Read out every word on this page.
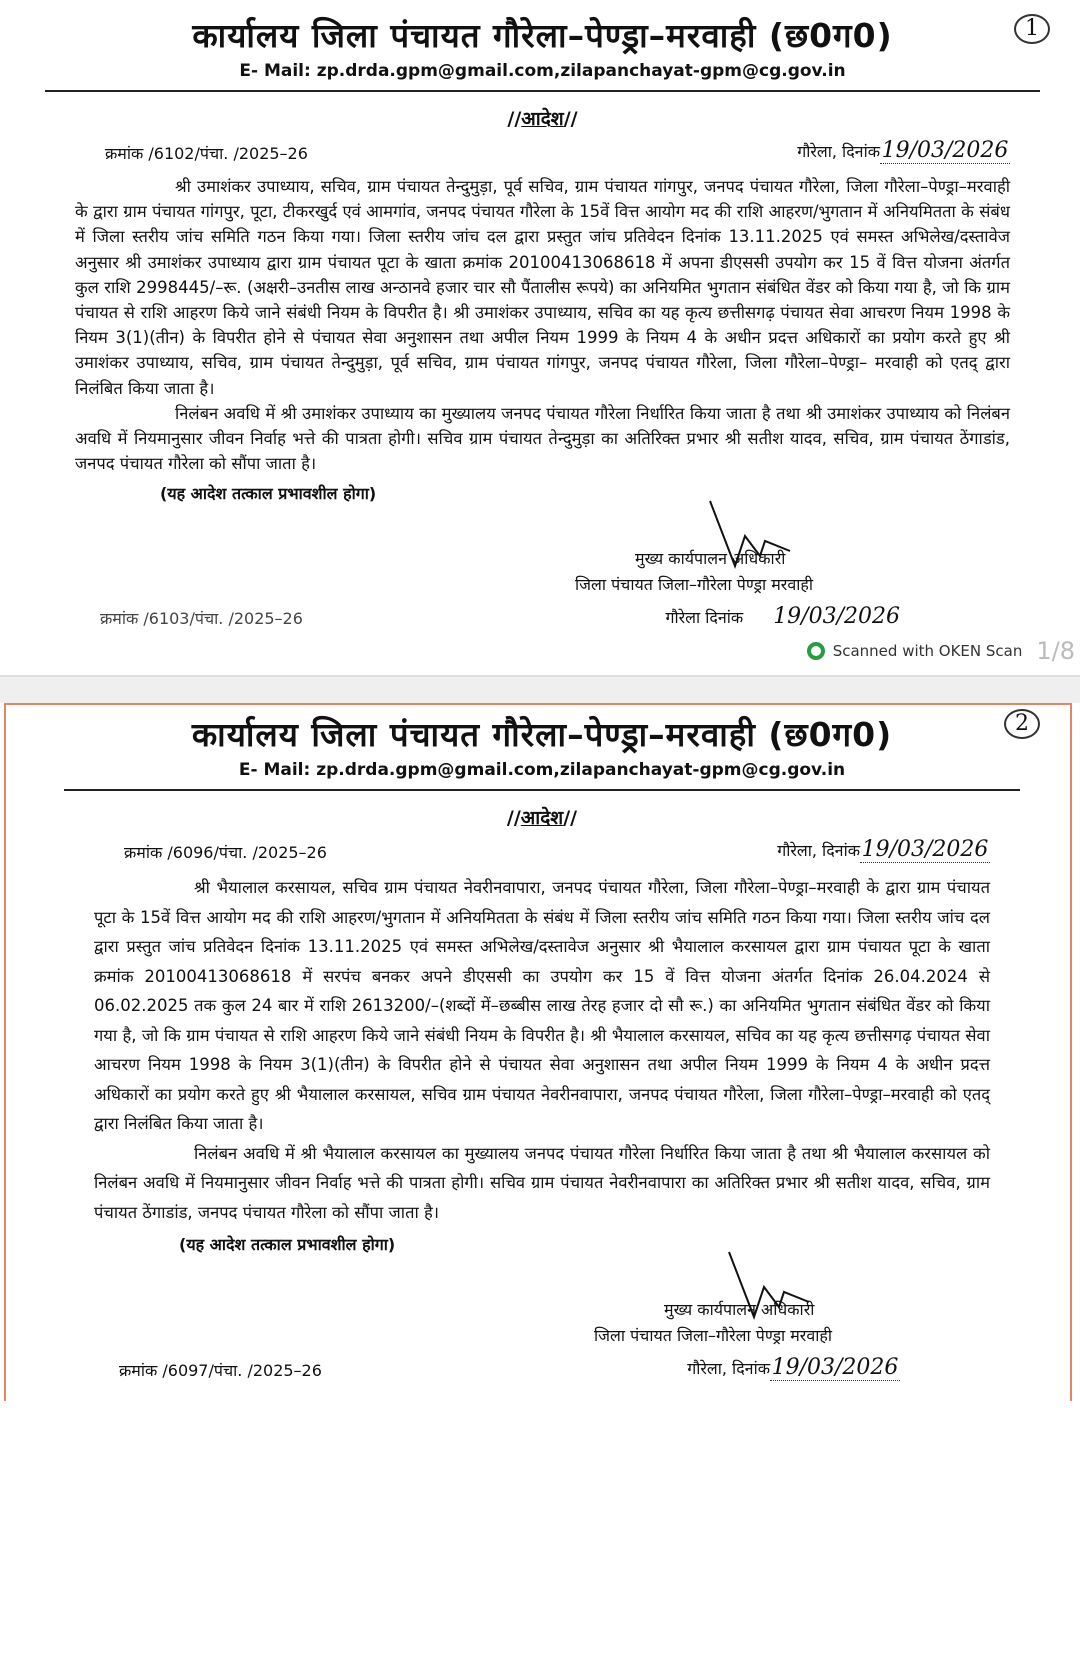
1
कार्यालय जिला पंचायत गौरेला–पेण्ड्रा–मरवाही (छ0ग0)
E- Mail: zp.drda.gpm@gmail.com,zilapanchayat-gpm@cg.gov.in
//आदेश//
क्रमांक /6102/पंचा. /2025–26	गौरेला, दिनांक19/03/2026

श्री उमाशंकर उपाध्याय, सचिव, ग्राम पंचायत तेन्दुमुड़ा, पूर्व सचिव, ग्राम पंचायत गांगपुर, जनपद पंचायत गौरेला, जिला गौरेला–पेण्ड्रा–मरवाही के द्वारा ग्राम पंचायत गांगपुर, पूटा, टीकरखुर्द एवं आमगांव, जनपद पंचायत गौरेला के 15वें वित्त आयोग मद की राशि आहरण/भुगतान में अनियमितता के संबंध में जिला स्तरीय जांच समिति गठन किया गया। जिला स्तरीय जांच दल द्वारा प्रस्तुत जांच प्रतिवेदन दिनांक 13.11.2025 एवं समस्त अभिलेख/दस्तावेज अनुसार श्री उमाशंकर उपाध्याय द्वारा ग्राम पंचायत पूटा के खाता क्रमांक 20100413068618 में अपना डीएससी उपयोग कर 15 वें वित्त योजना अंतर्गत कुल राशि 2998445/–रू. (अक्षरी–उनतीस लाख अन्ठानवे हजार चार सौ पैंतालीस रूपये) का अनियमित भुगतान संबंधित वेंडर को किया गया है, जो कि ग्राम पंचायत से राशि आहरण किये जाने संबंधी नियम के विपरीत है। श्री उमाशंकर उपाध्याय, सचिव का यह कृत्य छत्तीसगढ़ पंचायत सेवा आचरण नियम 1998 के नियम 3(1)(तीन) के विपरीत होने से पंचायत सेवा अनुशासन तथा अपील नियम 1999 के नियम 4 के अधीन प्रदत्त अधिकारों का प्रयोग करते हुए श्री उमाशंकर उपाध्याय, सचिव, ग्राम पंचायत तेन्दुमुड़ा, पूर्व सचिव, ग्राम पंचायत गांगपुर, जनपद पंचायत गौरेला, जिला गौरेला–पेण्ड्रा– मरवाही को एतद् द्वारा निलंबित किया जाता है।

निलंबन अवधि में श्री उमाशंकर उपाध्याय का मुख्यालय जनपद पंचायत गौरेला निर्धारित किया जाता है तथा श्री उमाशंकर उपाध्याय को निलंबन अवधि में नियमानुसार जीवन निर्वाह भत्ते की पात्रता होगी। सचिव ग्राम पंचायत तेन्दुमुड़ा का अतिरिक्त प्रभार श्री सतीश यादव, सचिव, ग्राम पंचायत ठेंगाडांड, जनपद पंचायत गौरेला को सौंपा जाता है।

(यह आदेश तत्काल प्रभावशील होगा)
मुख्य कार्यपालन अधिकारी
जिला पंचायत जिला–गौरेला पेण्ड्रा मरवाही
क्रमांक /6103/पंचा. /2025–26	गौरेला दिनांक 19/03/2026
Scanned with OKEN Scan 1/8
2
कार्यालय जिला पंचायत गौरेला–पेण्ड्रा–मरवाही (छ0ग0)
E- Mail: zp.drda.gpm@gmail.com,zilapanchayat-gpm@cg.gov.in
//आदेश//
क्रमांक /6096/पंचा. /2025–26	गौरेला, दिनांक19/03/2026

श्री भैयालाल करसायल, सचिव ग्राम पंचायत नेवरीनवापारा, जनपद पंचायत गौरेला, जिला गौरेला–पेण्ड्रा–मरवाही के द्वारा ग्राम पंचायत पूटा के 15वें वित्त आयोग मद की राशि आहरण/भुगतान में अनियमितता के संबंध में जिला स्तरीय जांच समिति गठन किया गया। जिला स्तरीय जांच दल द्वारा प्रस्तुत जांच प्रतिवेदन दिनांक 13.11.2025 एवं समस्त अभिलेख/दस्तावेज अनुसार श्री भैयालाल करसायल द्वारा ग्राम पंचायत पूटा के खाता क्रमांक 20100413068618 में सरपंच बनकर अपने डीएससी का उपयोग कर 15 वें वित्त योजना अंतर्गत दिनांक 26.04.2024 से 06.02.2025 तक कुल 24 बार में राशि 2613200/–(शब्दों में–छब्बीस लाख तेरह हजार दो सौ रू.) का अनियमित भुगतान संबंधित वेंडर को किया गया है, जो कि ग्राम पंचायत से राशि आहरण किये जाने संबंधी नियम के विपरीत है। श्री भैयालाल करसायल, सचिव का यह कृत्य छत्तीसगढ़ पंचायत सेवा आचरण नियम 1998 के नियम 3(1)(तीन) के विपरीत होने से पंचायत सेवा अनुशासन तथा अपील नियम 1999 के नियम 4 के अधीन प्रदत्त अधिकारों का प्रयोग करते हुए श्री भैयालाल करसायल, सचिव ग्राम पंचायत नेवरीनवापारा, जनपद पंचायत गौरेला, जिला गौरेला–पेण्ड्रा–मरवाही को एतद् द्वारा निलंबित किया जाता है।

निलंबन अवधि में श्री भैयालाल करसायल का मुख्यालय जनपद पंचायत गौरेला निर्धारित किया जाता है तथा श्री भैयालाल करसायल को निलंबन अवधि में नियमानुसार जीवन निर्वाह भत्ते की पात्रता होगी। सचिव ग्राम पंचायत नेवरीनवापारा का अतिरिक्त प्रभार श्री सतीश यादव, सचिव, ग्राम पंचायत ठेंगाडांड, जनपद पंचायत गौरेला को सौंपा जाता है।

(यह आदेश तत्काल प्रभावशील होगा)
मुख्य कार्यपालन अधिकारी
जिला पंचायत जिला–गौरेला पेण्ड्रा मरवाही
क्रमांक /6097/पंचा. /2025–26	गौरेला, दिनांक19/03/2026
